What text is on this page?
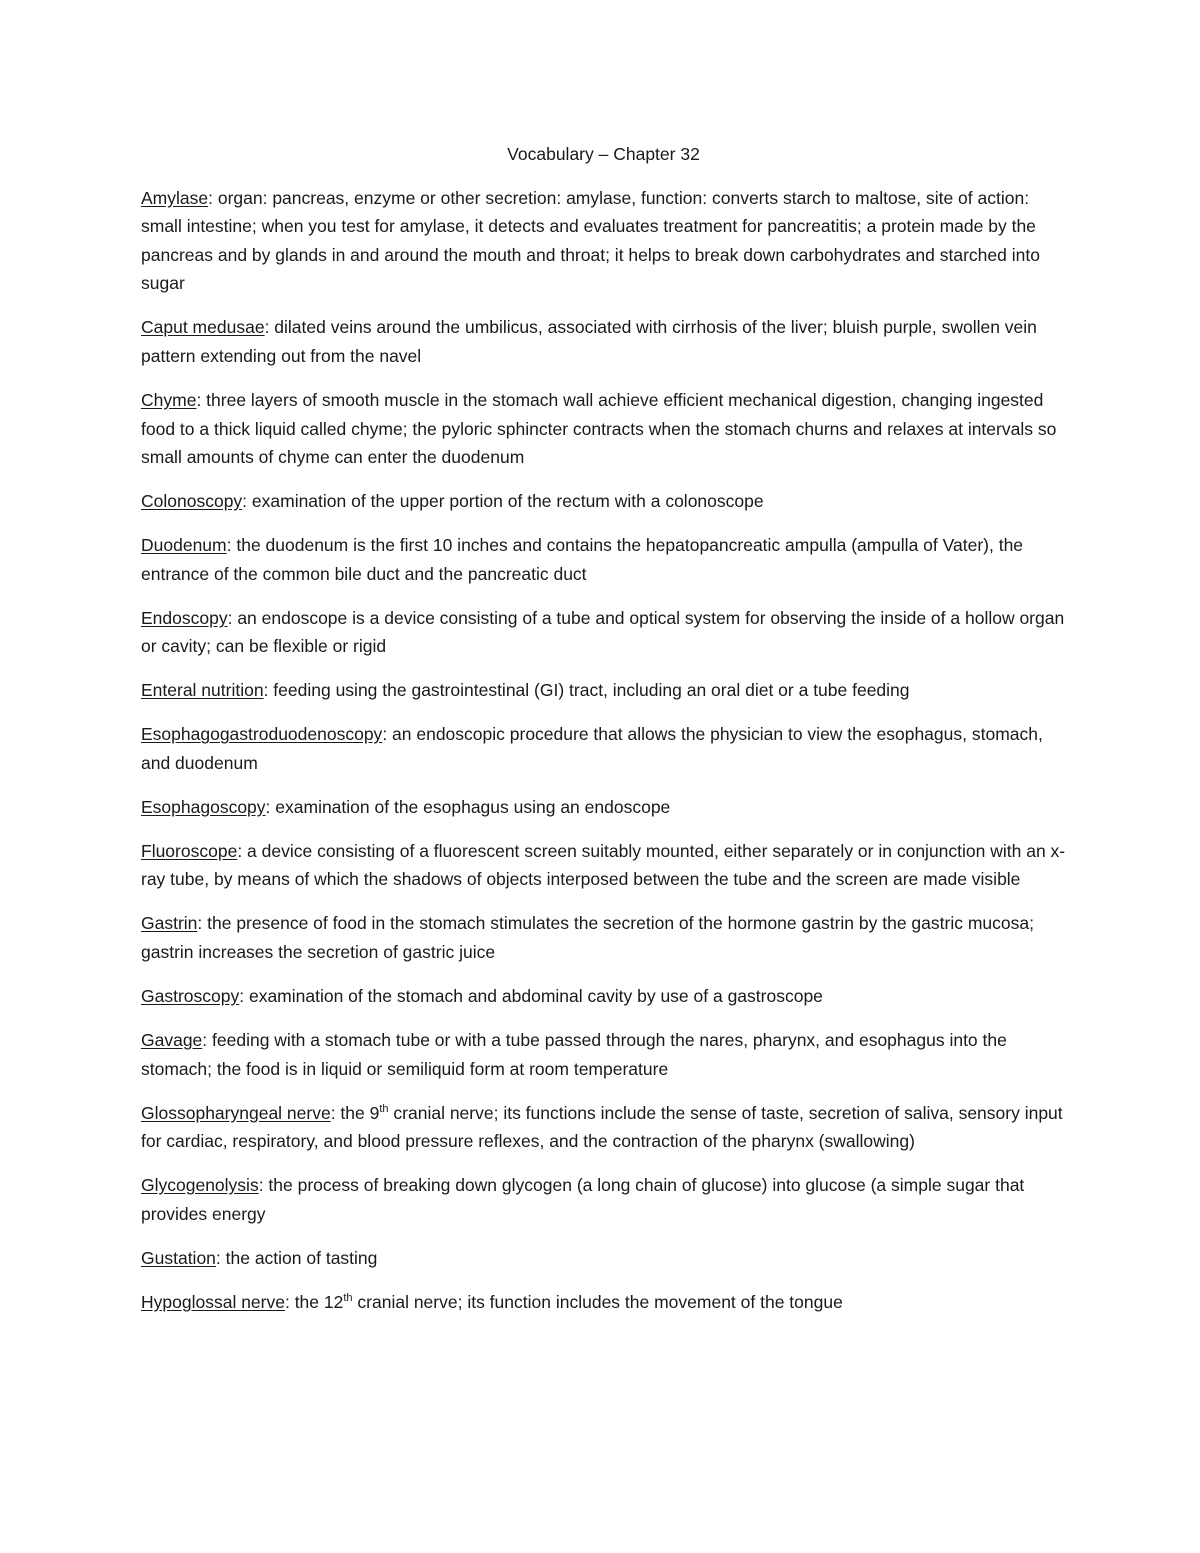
Vocabulary – Chapter 32

Amylase: organ: pancreas, enzyme or other secretion: amylase, function: converts starch to maltose, site of action: small intestine; when you test for amylase, it detects and evaluates treatment for pancreatitis; a protein made by the pancreas and by glands in and around the mouth and throat; it helps to break down carbohydrates and starched into sugar

Caput medusae: dilated veins around the umbilicus, associated with cirrhosis of the liver; bluish purple, swollen vein pattern extending out from the navel

Chyme: three layers of smooth muscle in the stomach wall achieve efficient mechanical digestion, changing ingested food to a thick liquid called chyme; the pyloric sphincter contracts when the stomach churns and relaxes at intervals so small amounts of chyme can enter the duodenum

Colonoscopy: examination of the upper portion of the rectum with a colonoscope

Duodenum: the duodenum is the first 10 inches and contains the hepatopancreatic ampulla (ampulla of Vater), the entrance of the common bile duct and the pancreatic duct

Endoscopy: an endoscope is a device consisting of a tube and optical system for observing the inside of a hollow organ or cavity; can be flexible or rigid

Enteral nutrition: feeding using the gastrointestinal (GI) tract, including an oral diet or a tube feeding

Esophagogastroduodenoscopy: an endoscopic procedure that allows the physician to view the esophagus, stomach, and duodenum

Esophagoscopy: examination of the esophagus using an endoscope

Fluoroscope: a device consisting of a fluorescent screen suitably mounted, either separately or in conjunction with an x-ray tube, by means of which the shadows of objects interposed between the tube and the screen are made visible

Gastrin: the presence of food in the stomach stimulates the secretion of the hormone gastrin by the gastric mucosa; gastrin increases the secretion of gastric juice

Gastroscopy: examination of the stomach and abdominal cavity by use of a gastroscope

Gavage: feeding with a stomach tube or with a tube passed through the nares, pharynx, and esophagus into the stomach; the food is in liquid or semiliquid form at room temperature

Glossopharyngeal nerve: the 9th cranial nerve; its functions include the sense of taste, secretion of saliva, sensory input for cardiac, respiratory, and blood pressure reflexes, and the contraction of the pharynx (swallowing)

Glycogenolysis: the process of breaking down glycogen (a long chain of glucose) into glucose (a simple sugar that provides energy

Gustation: the action of tasting

Hypoglossal nerve: the 12th cranial nerve; its function includes the movement of the tongue
